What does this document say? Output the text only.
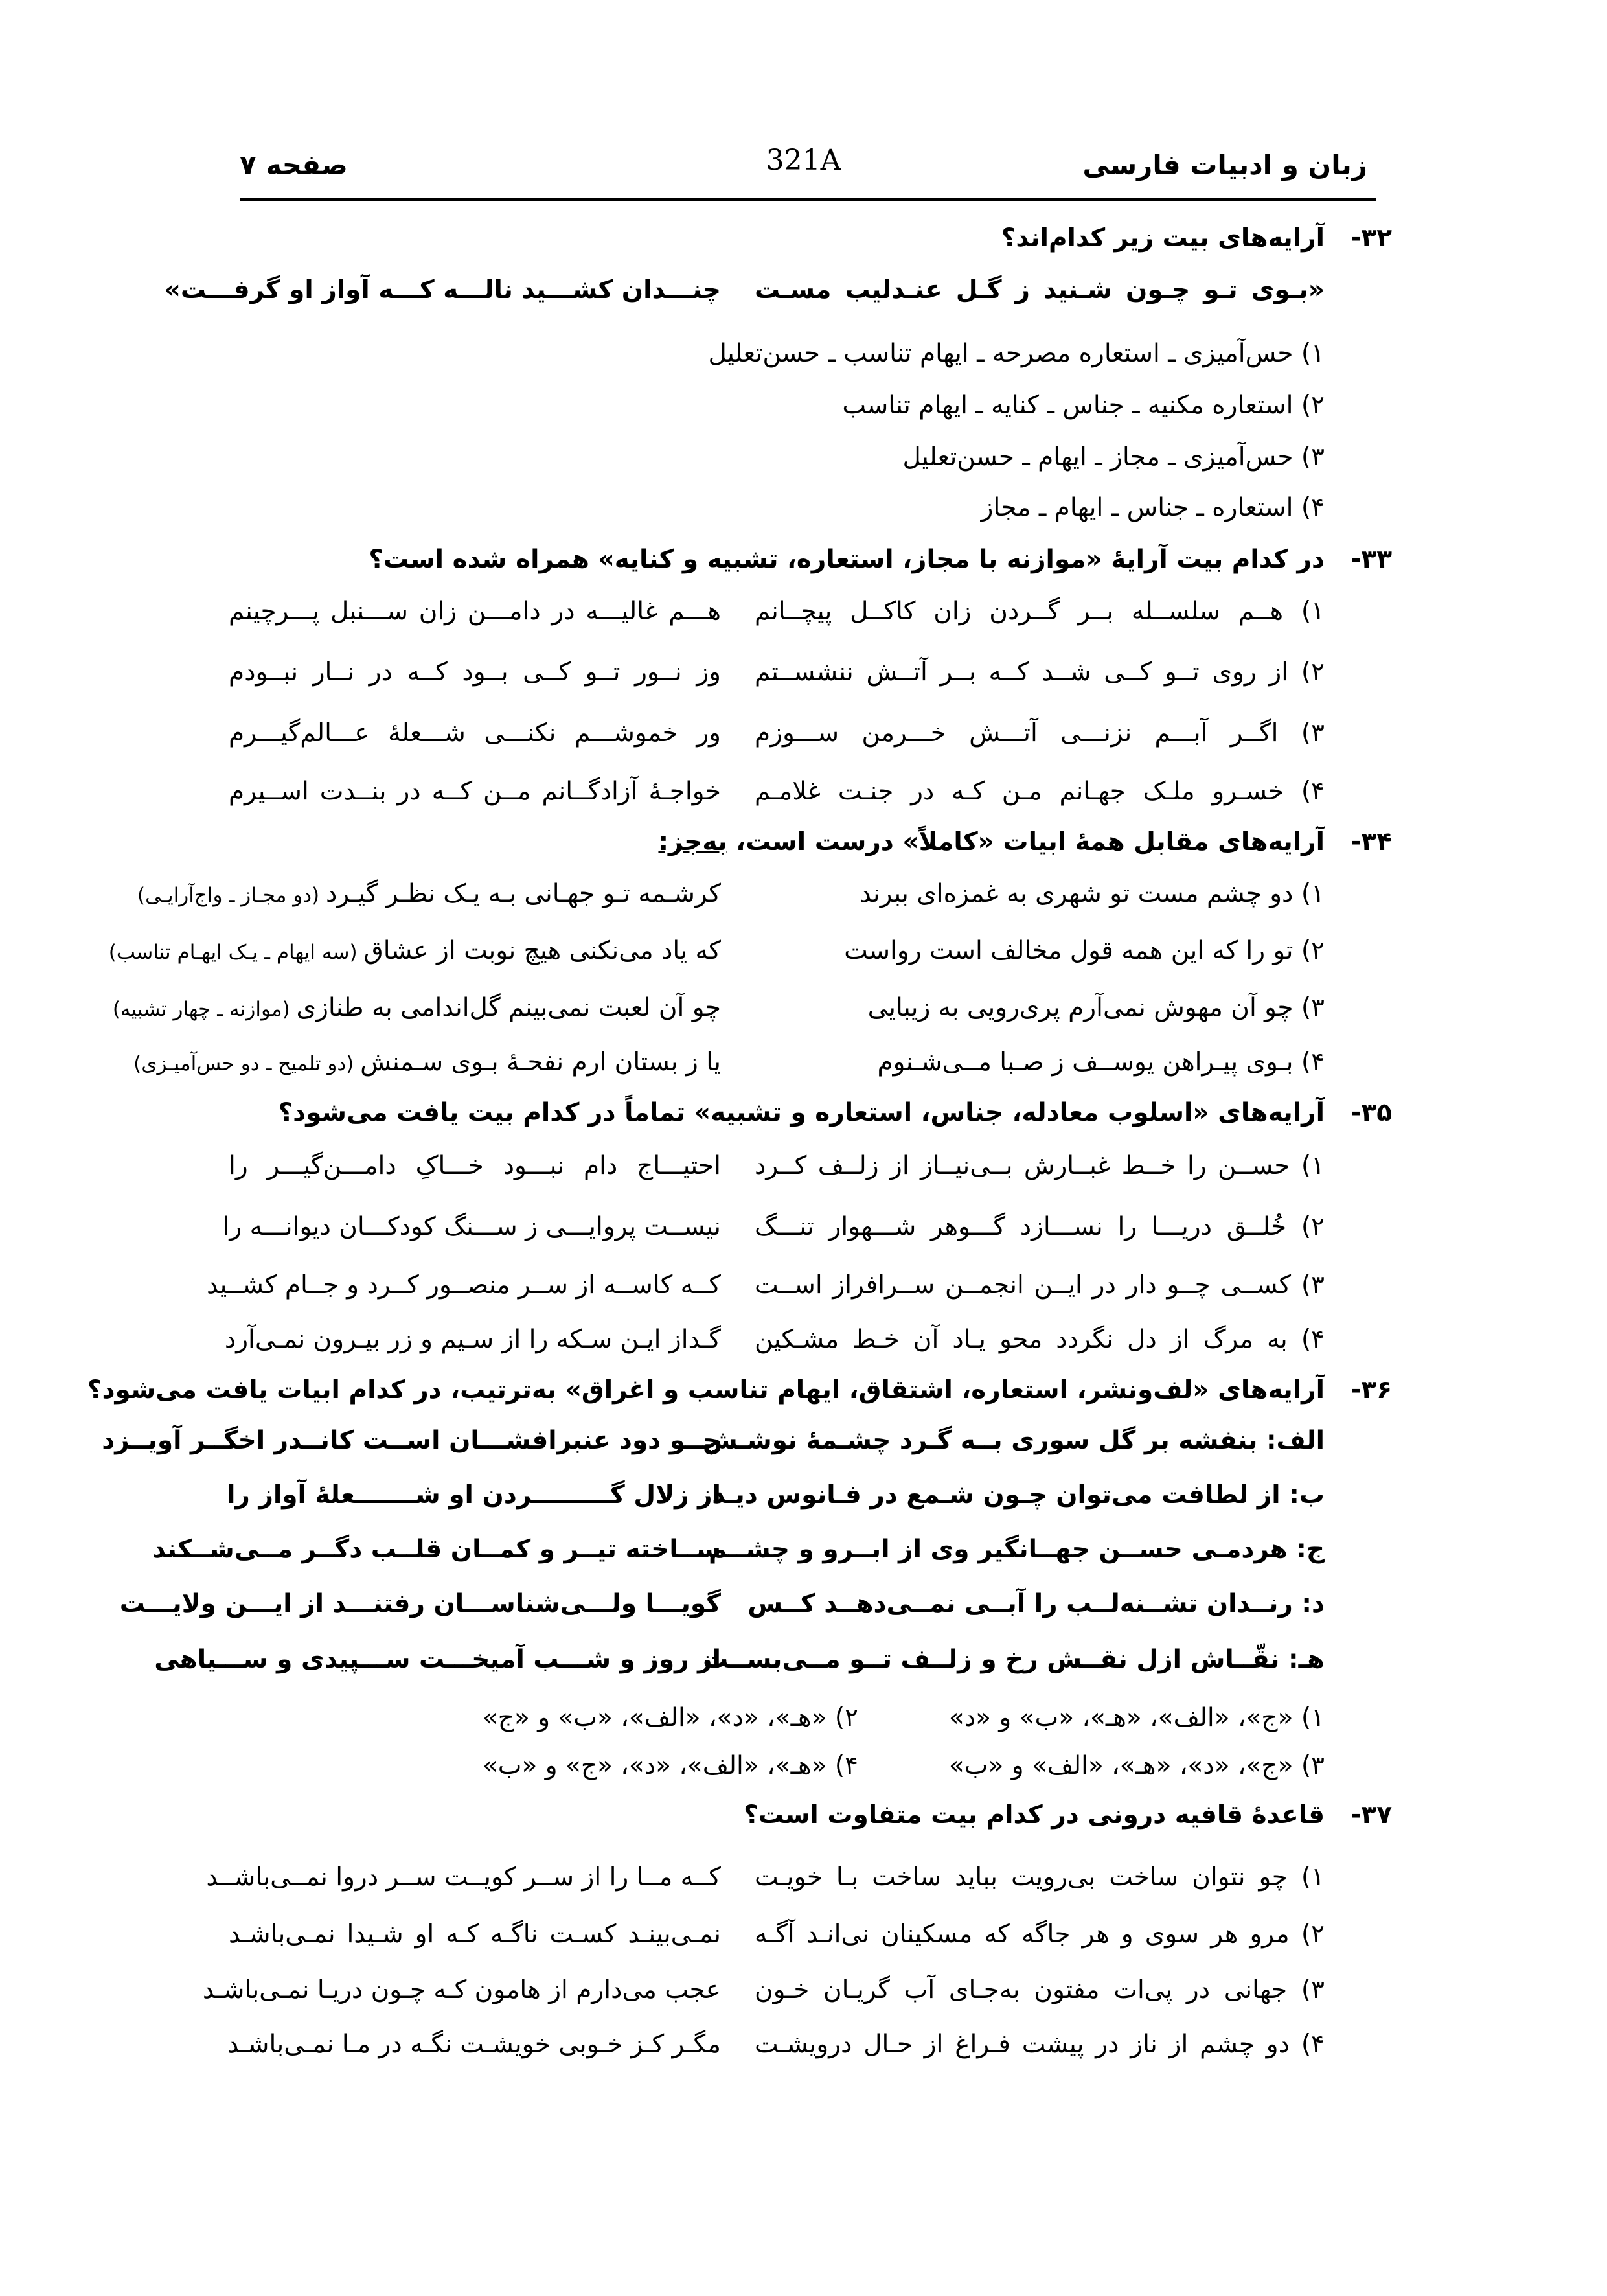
زبان و ادبیات فارسی
321A
صفحه ۷
۳۲-آرایه‌های بیت زیر کدام‌اند؟
«بـوی تـو چـون شـنید ز گـل عنـدلیب مسـت
چنـــدان کشـــید نالـــه کـــه آواز او گرفـــت»
۱) حس‌آمیزی ـ استعاره مصرحه ـ ایهام تناسب ـ حسن‌تعلیل
۲) استعاره مکنیه ـ جناس ـ کنایه ـ ایهام تناسب
۳) حس‌آمیزی ـ مجاز ـ ایهام ـ حسن‌تعلیل
۴) استعاره ـ جناس ـ ایهام ـ مجاز
۳۳-در کدام بیت آرایهٔ «موازنه با مجاز، استعاره، تشبیه و کنایه» همراه شده است؟
۱) هــم سلســله بــر گــردن زان کاکــل پیچــانم
هـــم غالیـــه در دامـــن زان ســـنبل پـــرچینم
۲) از روی تــو کــی شــد کــه بــر آتــش ننشســتم
وز نــور تــو کــی بــود کــه در نــار نبــودم
۳) اگــر آبـــم نزنـــی آتـــش خـــرمن ســـوزم
ور خموشـــم نکنـــی شـــعلهٔ عـــالم‌گیـــرم
۴) خسـرو ملـک جهـانم مـن کـه در جنـت غلامـم
خواجـهٔ آزادگــانم مــن کــه در بنــدت اســیرم
۳۴-آرایه‌های مقابل همهٔ ابیات «کاملاً» درست است، به‌جز:
۱) دو چشم مست تو شهری به غمزه‌ای ببرند
کرشـمه تـو جهـانی بـه یـک نظـر گیـرد (دو مجـاز ـ واج‌آرایـی)
۲) تو را که این همه قول مخالف است رواست
که یاد می‌نکنی هیچ نوبت از عشاق (سه ایهام ـ یـک ایهـام تناسب)
۳) چو آن مهوش نمی‌آرم پری‌رویی به زیبایی
چو آن لعبت نمی‌بینم گل‌اندامی به طنازی (موازنه ـ چهار تشبیه)
۴) بـوی پیـراهن یوســف ز صـبا مــی‌شـنوم
یا ز بستان ارم نفحـهٔ بـوی سـمنش (دو تلمیح ـ دو حس‌آمیـزی)
۳۵-آرایه‌های «اسلوب معادله، جناس، استعاره و تشبیه» تماماً در کدام بیت یافت می‌شود؟
۱) حســن را خــط غبــارش بــی‌نیــاز از زلــف کــرد
احتیـــاج دام نبـــود خـــاکِ دامـــن‌گیـــر را
۲) خُلــق دریـــا را نســـازد گـــوهر شـــهوار تنـــگ
نیســت پروایـــی ز ســـنگ کودکـــان دیوانـــه را
۳) کســی چــو دار در ایــن انجمــن ســرافراز اســت
کــه کاســه از ســر منصــور کــرد و جــام کشــید
۴) به مرگ از دل نگردد محو یـاد آن خـط مشـکین
گـداز ایـن سـکه را از سـیم و زر بیـرون نمـی‌آرد
۳۶-آرایه‌های «لف‌ونشر، استعاره، اشتقاق، ایهام تناسب و اغراق» به‌ترتیب، در کدام ابیات یافت می‌شود؟
الف: بنفشه بر گل سوری بــه گـرد چشـمهٔ نوشـش
چــو دود عنبرافشـــان اســت کانــدر اخگــر آویــزد
ب: از لطافت می‌توان چـون شـمع در فـانوس دیـد
از زلال گـــــــــردن او شـــــــعلهٔ آواز را
ج: هردمـی حســن جهــانگیر وی از ابــرو و چشــم
ســاخته تیــر و کمــان قلــب دگــر مــی‌شــکند
د: رنــدان تشــنه‌لــب را آبــی نمــی‌دهــد کــس
گویـــا ولـــی‌شناســـان رفتنـــد از ایـــن ولایـــت
هـ: نقّــاش ازل نقــش رخ و زلــف تــو مــی‌بســت
از روز و شـــب آمیخـــت ســـپیدی و ســـیاهی
۱) «ج»، «الف»، «هـ»، «ب» و «د»
۲) «هـ»، «د»، «الف»، «ب» و «ج»
۳) «ج»، «د»، «هـ»، «الف» و «ب»
۴) «هـ»، «الف»، «د»، «ج» و «ب»
۳۷-قاعدهٔ قافیه درونی در کدام بیت متفاوت است؟
۱) چو نتوان ساخت بی‌رویت بباید ساخت بـا خویـت
کــه مــا را از ســر کویــت ســر دروا نمــی‌باشــد
۲) مرو هر سوی و هر جاگه که مسکینان نی‌انـد آگـه
نمـی‌بینـد کسـت ناگـه کـه او شـیدا نمـی‌باشـد
۳) جهانی در پی‌ات مفتون به‌جـای آب گریـان خـون
عجب می‌دارم از هامون کـه چـون دریـا نمـی‌باشـد
۴) دو چشم از ناز در پیشت فـراغ از حـال درویشـت
مگـر کـز خـوبی خویشـت نگـه در مـا نمـی‌باشـد
